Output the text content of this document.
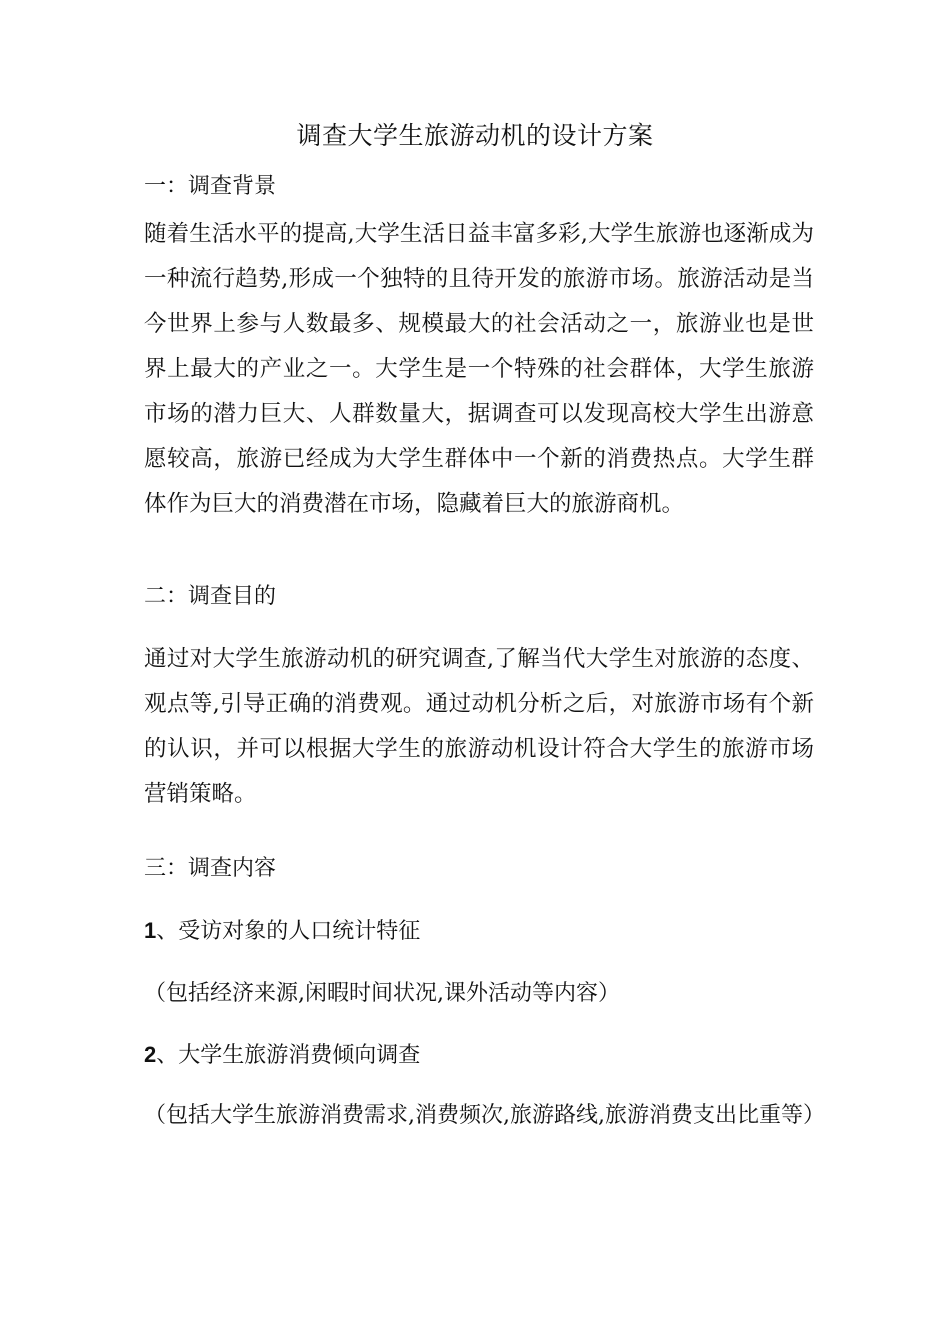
调查大学生旅游动机的设计方案
一：调查背景

随着生活水平的提高,大学生活日益丰富多彩,大学生旅游也逐渐成为一种流行趋势,形成一个独特的且待开发的旅游市场。旅游活动是当今世界上参与人数最多、规模最大的社会活动之一，旅游业也是世界上最大的产业之一。大学生是一个特殊的社会群体，大学生旅游市场的潜力巨大、人群数量大，据调查可以发现高校大学生出游意愿较高，旅游已经成为大学生群体中一个新的消费热点。大学生群体作为巨大的消费潜在市场，隐藏着巨大的旅游商机。

二：调查目的

通过对大学生旅游动机的研究调查,了解当代大学生对旅游的态度、观点等,引导正确的消费观。通过动机分析之后，对旅游市场有个新的认识，并可以根据大学生的旅游动机设计符合大学生的旅游市场营销策略。

三：调查内容
1、受访对象的人口统计特征

（包括经济来源,闲暇时间状况,课外活动等内容）

2、大学生旅游消费倾向调查

（包括大学生旅游消费需求,消费频次,旅游路线,旅游消费支出比重等）
